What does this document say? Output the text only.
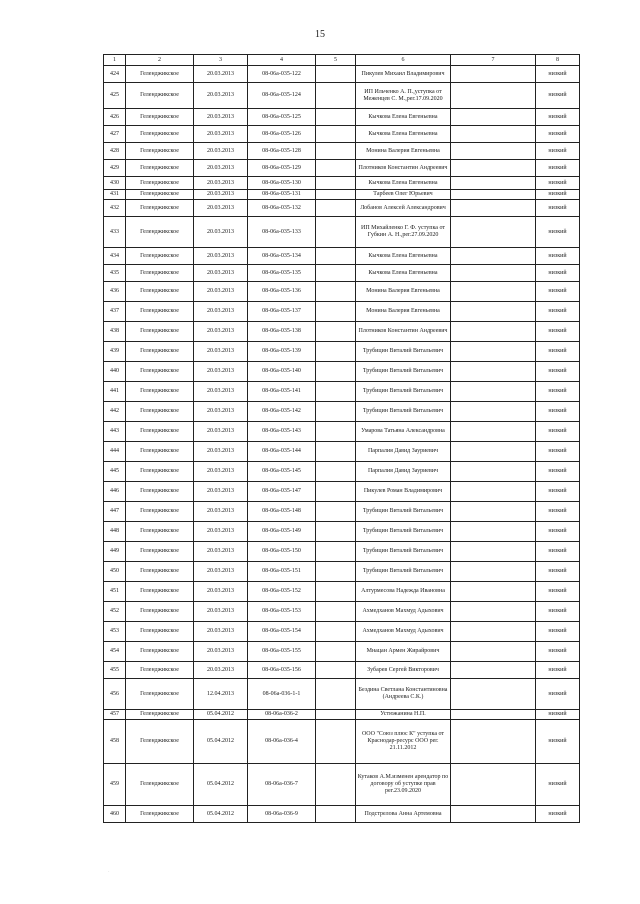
15
1	2	3	4	5	6	7	8
424	Геленджикское	20.03.2013	08-06а-035-122		Пикулев Михаил Владимирович		низкий
425	Геленджикское	20.03.2013	08-06а-035-124		ИП Ильченко А. П.,уступка от Меженцев С. М.,рег.17.09.2020		низкий
426	Геленджикское	20.03.2013	08-06а-035-125		Кычкова Елена Евгеньевна		низкий
427	Геленджикское	20.03.2013	08-06а-035-126		Кычкова Елена Евгеньевна		низкий
428	Геленджикское	20.03.2013	08-06а-035-128		Монина Валерия Евгеньевна		низкий
429	Геленджикское	20.03.2013	08-06а-035-129		Плотников Константин Андреевич		низкий
430	Геленджикское	20.03.2013	08-06а-035-130		Кычкова Елена Евгеньевна		низкий
431	Геленджикское	20.03.2013	08-06а-035-131		Тарбеев Олег Юрьевич		низкий
432	Геленджикское	20.03.2013	08-06а-035-132		Лобанов Алексей Александрович		низкий
433	Геленджикское	20.03.2013	08-06а-035-133		ИП Михайленко Г. Ф. уступка от Губкин А. Н.,рег.27.09.2020		низкий
434	Геленджикское	20.03.2013	08-06а-035-134		Кычкова Елена Евгеньевна		низкий
435	Геленджикское	20.03.2013	08-06а-035-135		Кычкова Елена Евгеньевна		низкий
436	Геленджикское	20.03.2013	08-06а-035-136		Монина Валерия Евгеньевна		низкий
437	Геленджикское	20.03.2013	08-06а-035-137		Монина Валерия Евгеньевна		низкий
438	Геленджикское	20.03.2013	08-06а-035-138		Плотников Константин Андреевич		низкий
439	Геленджикское	20.03.2013	08-06а-035-139		Трубицин Виталий Витальевич		низкий
440	Геленджикское	20.03.2013	08-06а-035-140		Трубицин Виталий Витальевич		низкий
441	Геленджикское	20.03.2013	08-06а-035-141		Трубицин Виталий Витальевич		низкий
442	Геленджикское	20.03.2013	08-06а-035-142		Трубицин Виталий Витальевич		низкий
443	Геленджикское	20.03.2013	08-06а-035-143		Умарова Татьяна Александровна		низкий
444	Геленджикское	20.03.2013	08-06а-035-144		Парпалия Давид Зауриевич		низкий
445	Геленджикское	20.03.2013	08-06а-035-145		Парпалия Давид Зауриевич		низкий
446	Геленджикское	20.03.2013	08-06а-035-147		Пикулев Роман Владимирович		низкий
447	Геленджикское	20.03.2013	08-06а-035-148		Трубицин Виталий Витальевич		низкий
448	Геленджикское	20.03.2013	08-06а-035-149		Трубицин Виталий Витальевич		низкий
449	Геленджикское	20.03.2013	08-06а-035-150		Трубицин Виталий Витальевич		низкий
450	Геленджикское	20.03.2013	08-06а-035-151		Трубицин Виталий Витальевич		низкий
451	Геленджикское	20.03.2013	08-06а-035-152		Алтурмесова Надежда Ивановна		низкий
452	Геленджикское	20.03.2013	08-06а-035-153		Ахмедханов Махмуд Адыхович		низкий
453	Геленджикское	20.03.2013	08-06а-035-154		Ахмедханов Махмуд Адыхович		низкий
454	Геленджикское	20.03.2013	08-06а-035-155		Мнацан Армен Жирайрович		низкий
455	Геленджикское	20.03.2013	08-06а-035-156		Зубарев Сергей Викторович		низкий
456	Геленджикское	12.04.2013	08-06а-036-1-1		Бездина Светлана Константиновна (Андреева С.К.)		низкий
457	Геленджикское	05.04.2012	08-06а-036-2		Устюжанина Н.П.		низкий
458	Геленджикское	05.04.2012	08-06а-036-4		ООО "Союз плюс К" уступка от Краснодар-ресурс ООО рег. 21.11.2012		низкий
459	Геленджикское	05.04.2012	08-06а-036-7		Кутаков А.М.изменен арендатор по договору об уступке прав рег.23.09.2020		низкий
460	Геленджикское	05.04.2012	08-06а-036-9		Подстрелова Анна Артемовна		низкий
·
